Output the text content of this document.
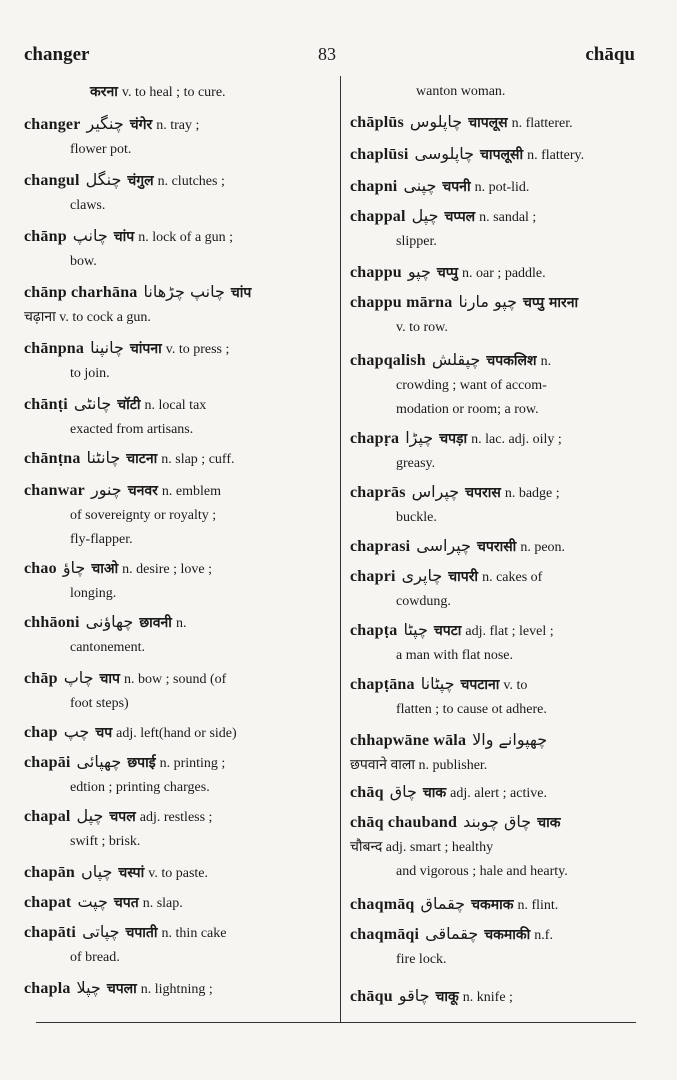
changer	83	chāqu
करना v. to heal ; to cure.
changer چنگیر चंगेर n. tray ;
flower pot.
changul چنگل चंगुल n. clutches ;
claws.
chānp چانپ चांप n. lock of a gun ;
bow.
chānp charhāna چانپ چڑھانا चांप
चढ़ाना v. to cock a gun.
chānpna چانپنا चांपना v. to press ;
to join.
chānṭi چانٹی चॉटी n. local tax
exacted from artisans.
chānṭna چانٹنا चाटना n. slap ; cuff.
chanwar چنور चनवर n. emblem
of sovereignty or royalty ;
fly-flapper.
chao چاؤ चाओ n. desire ; love ;
longing.
chhāoni چھاؤنی छावनी n.
cantonement.
chāp چاپ चाप n. bow ; sound (of
foot steps)
chap چپ चप adj. left(hand or side)
chapāi چھپائی छपाई n. printing ;
edtion ; printing charges.
chapal چپل चपल adj. restless ;
swift ; brisk.
chapān چپاں चस्पां v. to paste.
chapat چپت चपत n. slap.
chapāti چپاتی चपाती n. thin cake
of bread.
chapla چپلا चपला n. lightning ;
wanton woman.
chāplūs چاپلوس चापलूस n. flatterer.
chaplūsi چاپلوسی चापलूसी n. flattery.
chapni چپنی चपनी n. pot-lid.
chappal چپل चप्पल n. sandal ;
slipper.
chappu چپو चप्पु n. oar ; paddle.
chappu mārna چپو مارنا चप्पु मारना
v. to row.
chapqalish چپقلش चपकलिश n.
crowding ; want of accom-
modation or room; a row.
chapṛa چپڑا चपड़ा n. lac. adj. oily ;
greasy.
chaprās چپراس चपरास n. badge ;
buckle.
chaprasi چپراسی चपरासी n. peon.
chapri چاپری चापरी n. cakes of
cowdung.
chapṭa چپٹا चपटा adj. flat ; level ;
a man with flat nose.
chapṭāna چپٹانا चपटाना v. to
flatten ; to cause ot adhere.
chhapwāne wāla چھپوانے والا
छपवाने वाला n. publisher.
chāq چاق चाक adj. alert ; active.
chāq chauband چاق چوبند चाक
चौबन्द adj. smart ; healthy
and vigorous ; hale and hearty.
chaqmāq چقماق चकमाक n. flint.
chaqmāqi چقماقی चकमाकी n.f.
fire lock.
chāqu چاقو चाकू n. knife ;
